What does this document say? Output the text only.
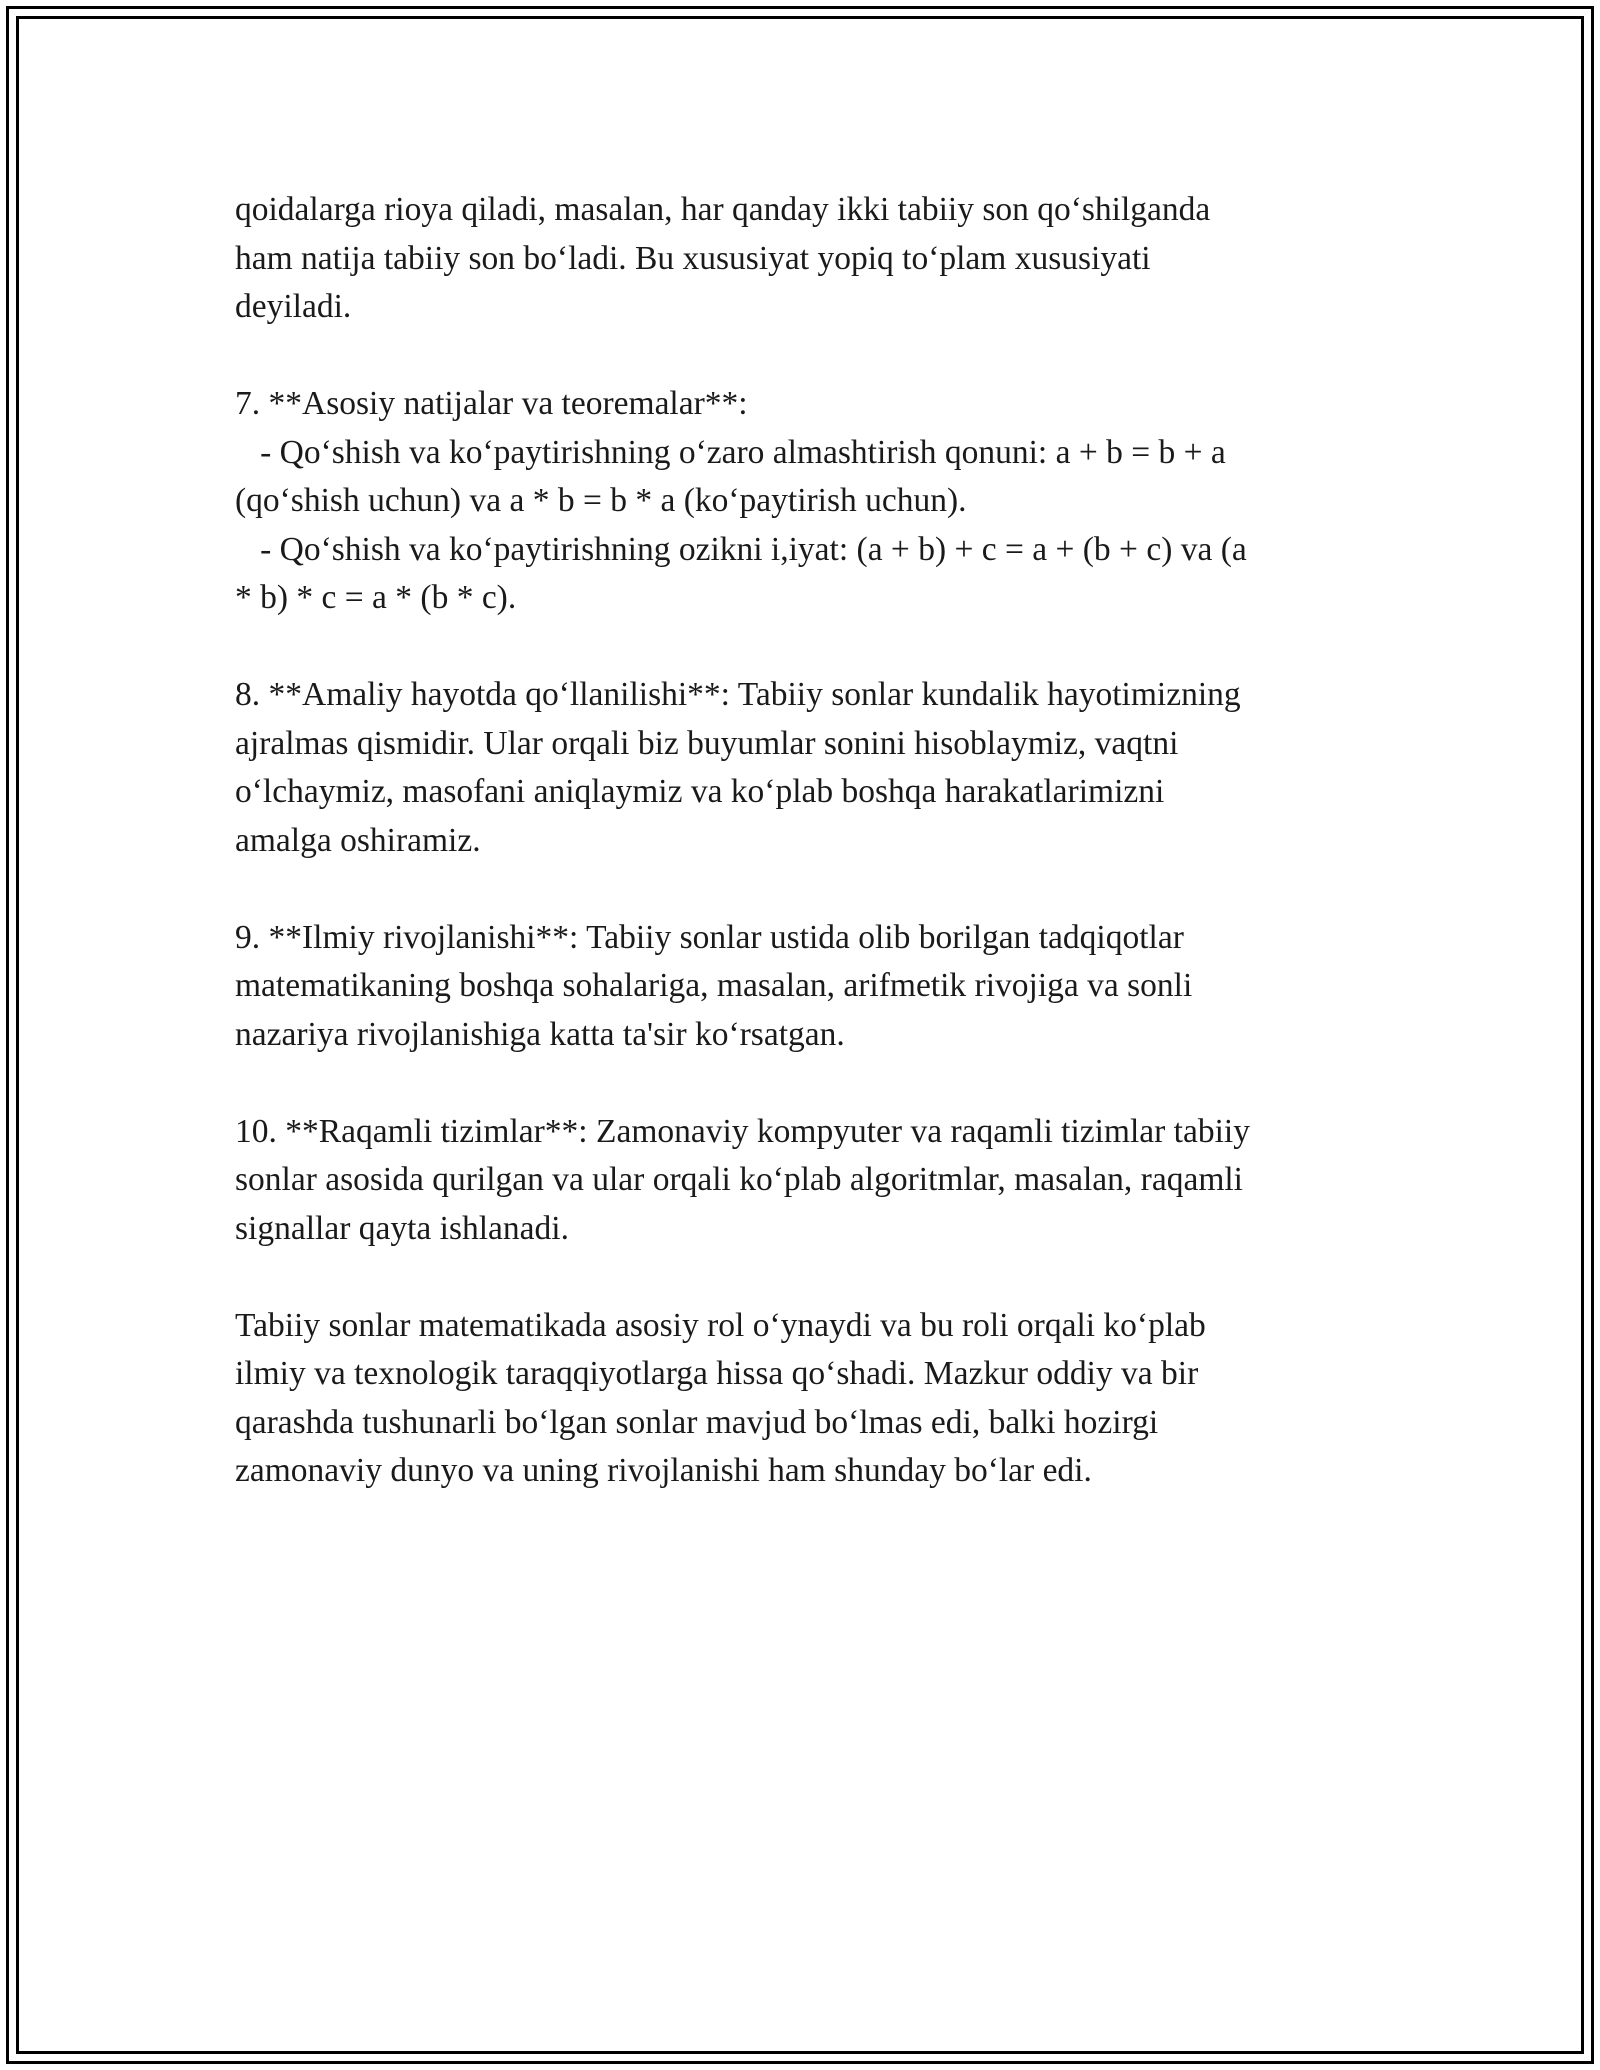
qoidalarga rioya qiladi, masalan, har qanday ikki tabiiy son qo‘shilganda
ham natija tabiiy son bo‘ladi. Bu xususiyat yopiq to‘plam xususiyati
deyiladi.

7. **Asosiy natijalar va teoremalar**:
- Qo‘shish va ko‘paytirishning o‘zaro almashtirish qonuni: a + b = b + a
(qo‘shish uchun) va a * b = b * a (ko‘paytirish uchun).
- Qo‘shish va ko‘paytirishning ozikni i,iyat: (a + b) + c = a + (b + c) va (a
* b) * c = a * (b * c).

8. **Amaliy hayotda qo‘llanilishi**: Tabiiy sonlar kundalik hayotimizning
ajralmas qismidir. Ular orqali biz buyumlar sonini hisoblaymiz, vaqtni
o‘lchaymiz, masofani aniqlaymiz va ko‘plab boshqa harakatlarimizni
amalga oshiramiz.

9. **Ilmiy rivojlanishi**: Tabiiy sonlar ustida olib borilgan tadqiqotlar
matematikaning boshqa sohalariga, masalan, arifmetik rivojiga va sonli
nazariya rivojlanishiga katta ta'sir ko‘rsatgan.

10. **Raqamli tizimlar**: Zamonaviy kompyuter va raqamli tizimlar tabiiy
sonlar asosida qurilgan va ular orqali ko‘plab algoritmlar, masalan, raqamli
signallar qayta ishlanadi.

Tabiiy sonlar matematikada asosiy rol o‘ynaydi va bu roli orqali ko‘plab
ilmiy va texnologik taraqqiyotlarga hissa qo‘shadi. Mazkur oddiy va bir
qarashda tushunarli bo‘lgan sonlar mavjud bo‘lmas edi, balki hozirgi
zamonaviy dunyo va uning rivojlanishi ham shunday bo‘lar edi.
